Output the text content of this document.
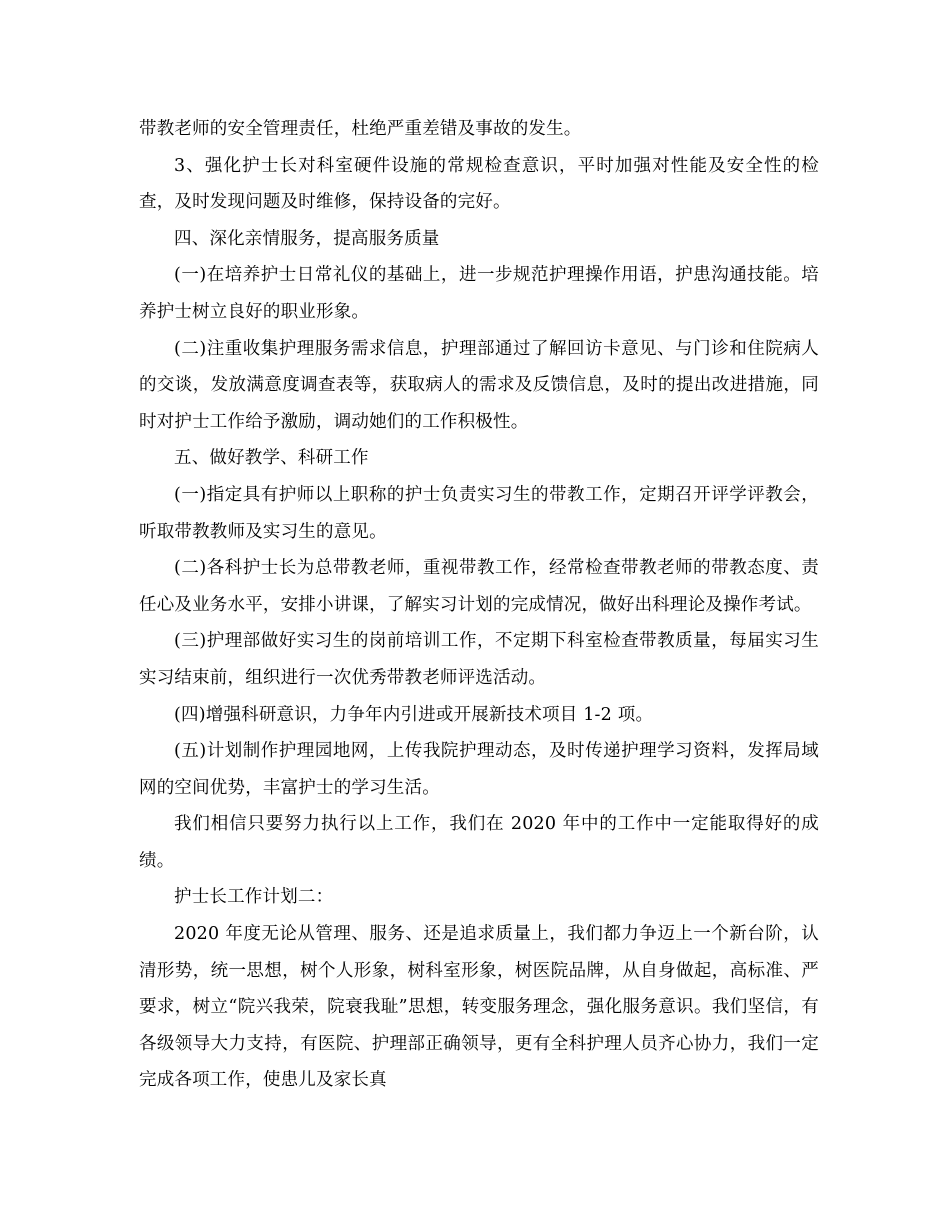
带教老师的安全管理责任，杜绝严重差错及事故的发生。

3、强化护士长对科室硬件设施的常规检查意识，平时加强对性能及安全性的检查，及时发现问题及时维修，保持设备的完好。

四、深化亲情服务，提高服务质量

(一)在培养护士日常礼仪的基础上，进一步规范护理操作用语，护患沟通技能。培养护士树立良好的职业形象。

(二)注重收集护理服务需求信息，护理部通过了解回访卡意见、与门诊和住院病人的交谈，发放满意度调查表等，获取病人的需求及反馈信息，及时的提出改进措施，同时对护士工作给予激励，调动她们的工作积极性。

五、做好教学、科研工作

(一)指定具有护师以上职称的护士负责实习生的带教工作，定期召开评学评教会，听取带教教师及实习生的意见。

(二)各科护士长为总带教老师，重视带教工作，经常检查带教老师的带教态度、责任心及业务水平，安排小讲课，了解实习计划的完成情况，做好出科理论及操作考试。

(三)护理部做好实习生的岗前培训工作，不定期下科室检查带教质量，每届实习生实习结束前，组织进行一次优秀带教老师评选活动。

(四)增强科研意识，力争年内引进或开展新技术项目 1-2 项。

(五)计划制作护理园地网，上传我院护理动态，及时传递护理学习资料，发挥局域网的空间优势，丰富护士的学习生活。

我们相信只要努力执行以上工作，我们在 2020 年中的工作中一定能取得好的成绩。

护士长工作计划二：

2020 年度无论从管理、服务、还是追求质量上，我们都力争迈上一个新台阶，认清形势，统一思想，树个人形象，树科室形象，树医院品牌，从自身做起，高标准、严要求，树立“院兴我荣，院衰我耻”思想，转变服务理念，强化服务意识。我们坚信，有各级领导大力支持，有医院、护理部正确领导，更有全科护理人员齐心协力，我们一定完成各项工作，使患儿及家长真
